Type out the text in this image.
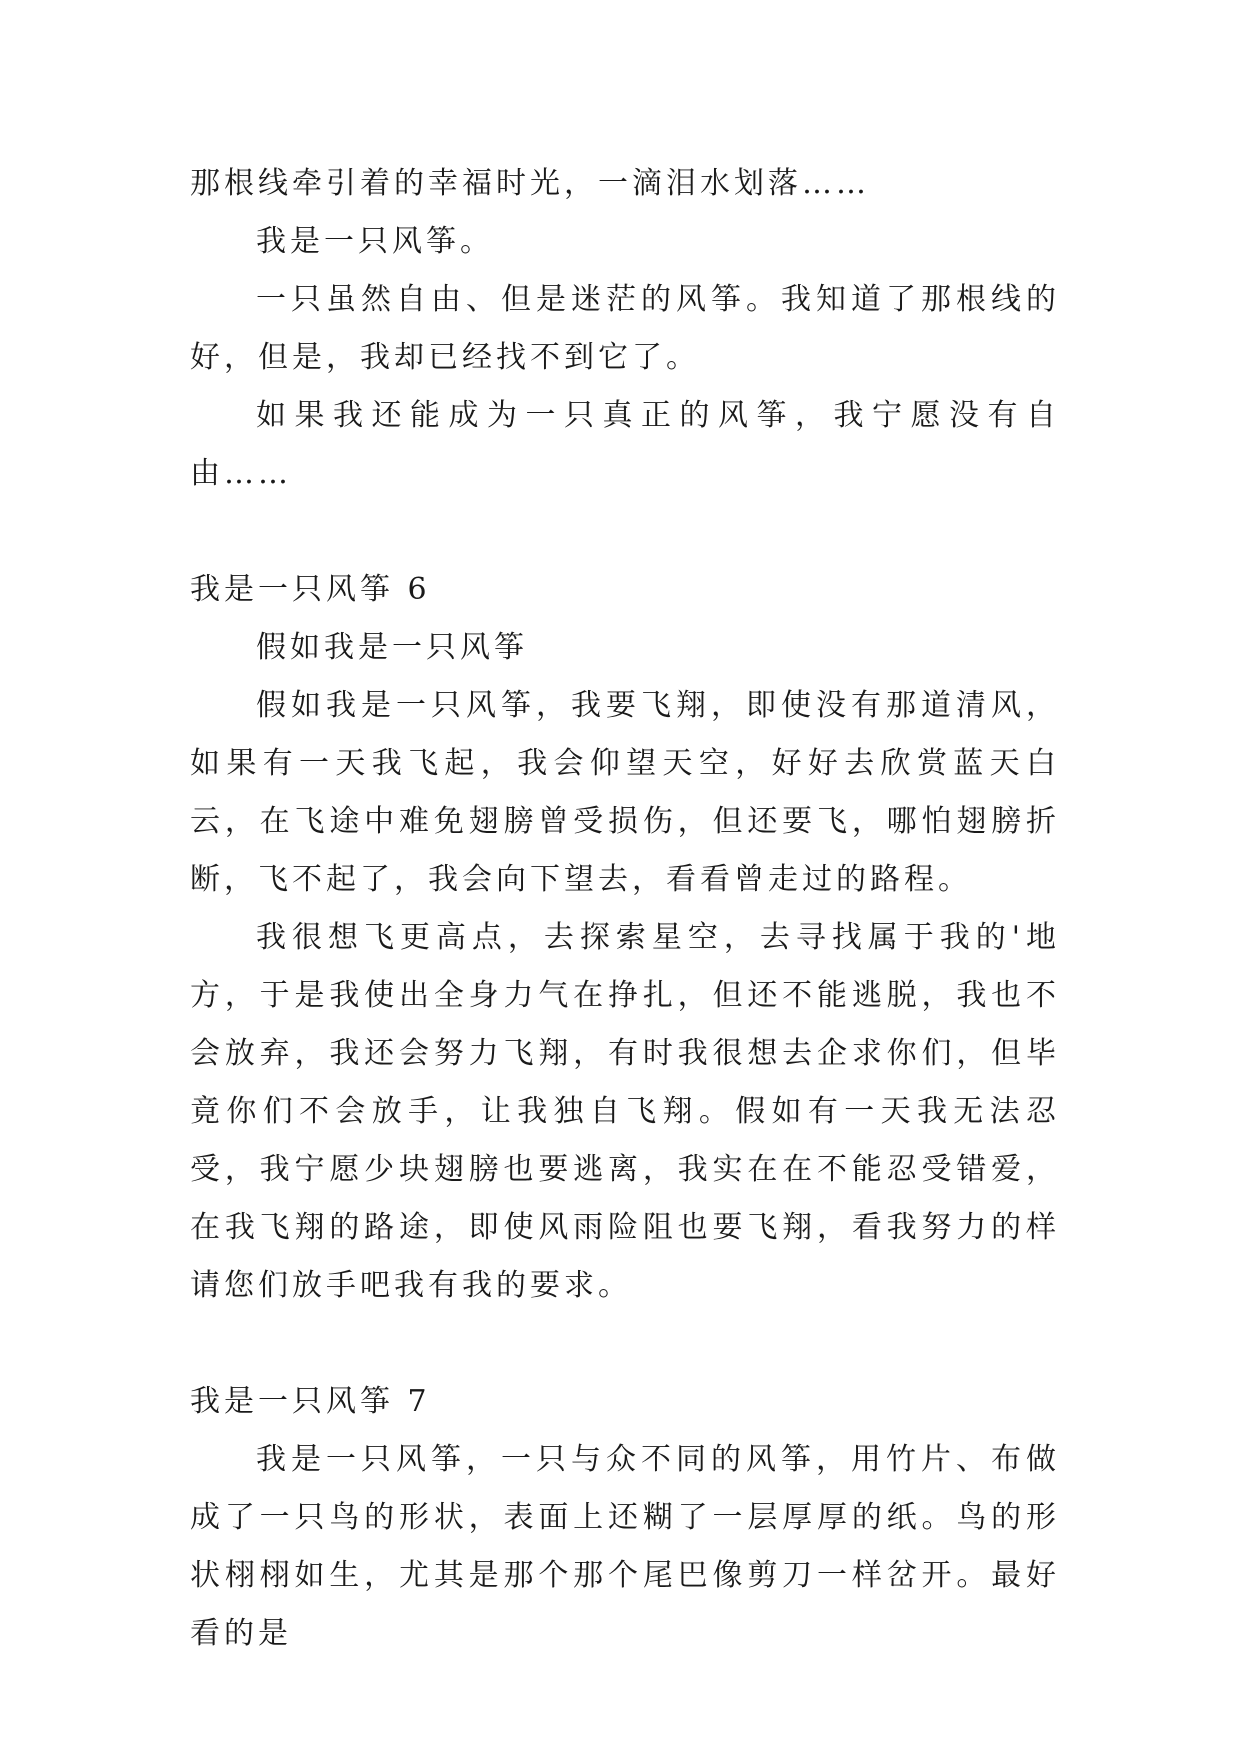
那根线牵引着的幸福时光，一滴泪水划落……

我是一只风筝。

一只虽然自由、但是迷茫的风筝。我知道了那根线的好，但是，我却已经找不到它了。

如果我还能成为一只真正的风筝，我宁愿没有自由……

我是一只风筝 6

假如我是一只风筝

假如我是一只风筝，我要飞翔，即使没有那道清风，如果有一天我飞起，我会仰望天空，好好去欣赏蓝天白云，在飞途中难免翅膀曾受损伤，但还要飞，哪怕翅膀折断，飞不起了，我会向下望去，看看曾走过的路程。

我很想飞更高点，去探索星空，去寻找属于我的'地方，于是我使出全身力气在挣扎，但还不能逃脱，我也不会放弃，我还会努力飞翔，有时我很想去企求你们，但毕竟你们不会放手，让我独自飞翔。假如有一天我无法忍受，我宁愿少块翅膀也要逃离，我实在在不能忍受错爱，在我飞翔的路途，即使风雨险阻也要飞翔，看我努力的样请您们放手吧我有我的要求。

我是一只风筝 7

我是一只风筝，一只与众不同的风筝，用竹片、布做成了一只鸟的形状，表面上还糊了一层厚厚的纸。鸟的形状栩栩如生，尤其是那个那个尾巴像剪刀一样岔开。最好看的是
